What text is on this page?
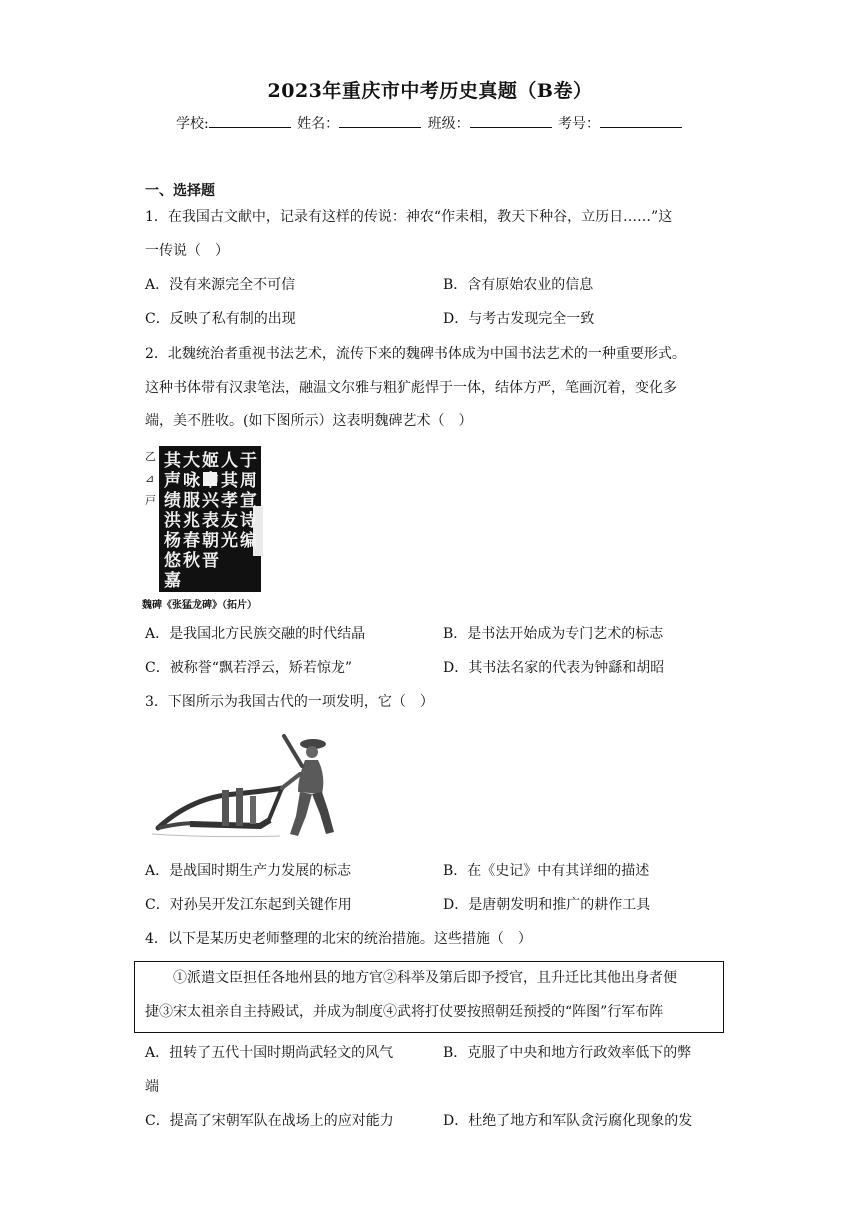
2023年重庆市中考历史真题（B卷）
学校:	姓名：	班级：	考号：
一、选择题
1．在我国古文献中，记录有这样的传说：神农“作耒相，教天下种谷，立历日……”这
一传说（　）
A．没有来源完全不可信	B．含有原始农业的信息
C．反映了私有制的出现	D．与考古发现完全一致
2．北魏统治者重视书法艺术，流传下来的魏碑书体成为中国书法艺术的一种重要形式。
这种书体带有汉隶笔法，融温文尔雅与粗犷彪悍于一体，结体方严，笔画沉着，变化多
端，美不胜收。(如下图所示）这表明魏碑艺术（　）
乙
⊿
戸
其
声
绩
洪
杨
悠
嘉
大
咏
服
兆
春
秋
姬
中
兴
表
朝
晋
人
其
孝
友
光
于
周
宣
诗
编
魏碑《张猛龙碑》（拓片）
A．是我国北方民族交融的时代结晶	B．是书法开始成为专门艺术的标志
C．被称誉“飘若浮云，矫若惊龙”	D．其书法名家的代表为钟繇和胡昭
3．下图所示为我国古代的一项发明，它（　）
A．是战国时期生产力发展的标志	B．在《史记》中有其详细的描述
C．对孙吴开发江东起到关键作用	D．是唐朝发明和推广的耕作工具
4．以下是某历史老师整理的北宋的统治措施。这些措施（　）
①派遣文臣担任各地州县的地方官②科举及第后即予授官，且升迁比其他出身者便
捷③宋太祖亲自主持殿试，并成为制度④武将打仗要按照朝廷预授的“阵图”行军布阵
A．扭转了五代十国时期尚武轻文的风气	B．克服了中央和地方行政效率低下的弊
端
C．提高了宋朝军队在战场上的应对能力	D．杜绝了地方和军队贪污腐化现象的发
